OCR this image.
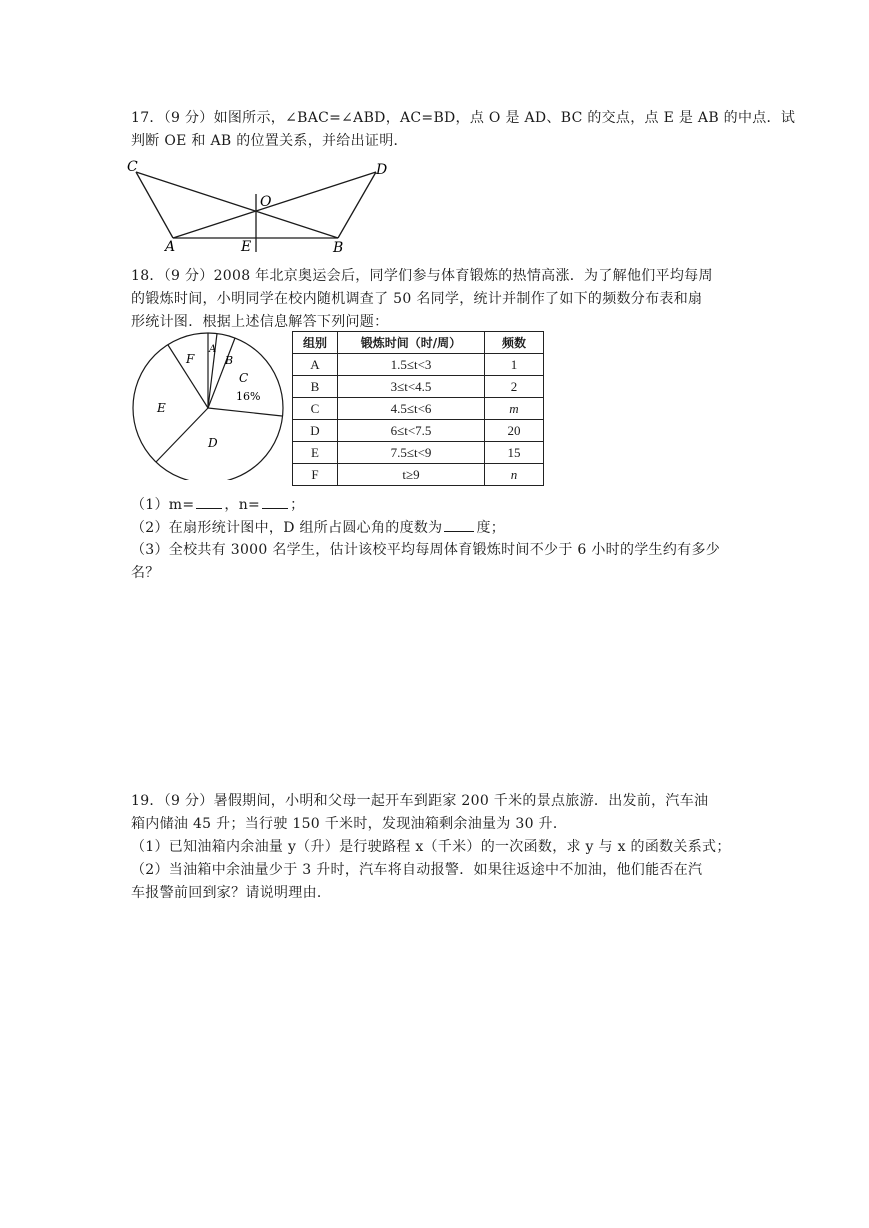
17．（9 分）如图所示，∠BAC=∠ABD，AC=BD，点 O 是 AD、BC 的交点，点 E 是 AB 的中点．试
判断 OE 和 AB 的位置关系，并给出证明．
C	D
O
A	E	B
18．（9 分）2008 年北京奥运会后，同学们参与体育锻炼的热情高涨．为了解他们平均每周
的锻炼时间，小明同学在校内随机调查了 50 名同学，统计并制作了如下的频数分布表和扇
形统计图．根据上述信息解答下列问题：
A
B
C
16%
D
E
F
组别	锻炼时间（时/周）	频数
A	1.5≤t<3	1
B	3≤t<4.5	2
C	4.5≤t<6	m
D	6≤t<7.5	20
E	7.5≤t<9	15
F	t≥9	n
（1）m= ，n= ；
（2）在扇形统计图中，D 组所占圆心角的度数为 度；
（3）全校共有 3000 名学生，估计该校平均每周体育锻炼时间不少于 6 小时的学生约有多少
名？
19．（9 分）暑假期间，小明和父母一起开车到距家 200 千米的景点旅游．出发前，汽车油
箱内储油 45 升；当行驶 150 千米时，发现油箱剩余油量为 30 升．
（1）已知油箱内余油量 y（升）是行驶路程 x（千米）的一次函数，求 y 与 x 的函数关系式；
（2）当油箱中余油量少于 3 升时，汽车将自动报警．如果往返途中不加油，他们能否在汽
车报警前回到家？请说明理由．
